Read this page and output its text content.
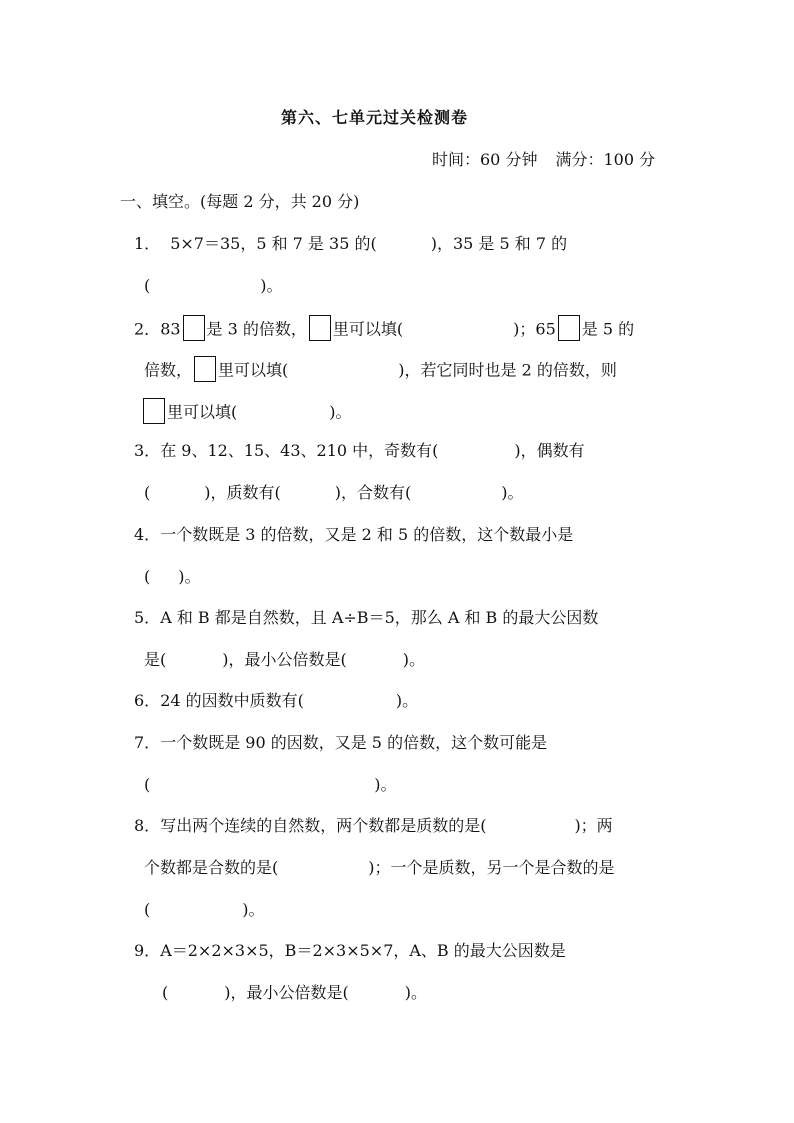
第六、七单元过关检测卷
时间：60 分钟 满分：100 分
一、填空。(每题 2 分，共 20 分)
1． 5×7＝35，5 和 7 是 35 的(	)，35 是 5 和 7 的
(	)。
2．83 是 3 的倍数， 里可以填(	)；65 是 5 的
倍数， 里可以填(	)，若它同时也是 2 的倍数，则
里可以填(	)。
3．在 9、12、15、43、210 中，奇数有(	)，偶数有
(	)，质数有(	)，合数有(	)。
4．一个数既是 3 的倍数，又是 2 和 5 的倍数，这个数最小是
( )。
5．A 和 B 都是自然数，且 A÷B＝5，那么 A 和 B 的最大公因数
是(	)，最小公倍数是(	)。
6．24 的因数中质数有(	)。
7．一个数既是 90 的因数，又是 5 的倍数，这个数可能是
(	)。
8．写出两个连续的自然数，两个数都是质数的是(	)；两
个数都是合数的是(	)；一个是质数，另一个是合数的是
(	)。
9．A＝2×2×3×5，B＝2×3×5×7，A、B 的最大公因数是
(	)，最小公倍数是(	)。
